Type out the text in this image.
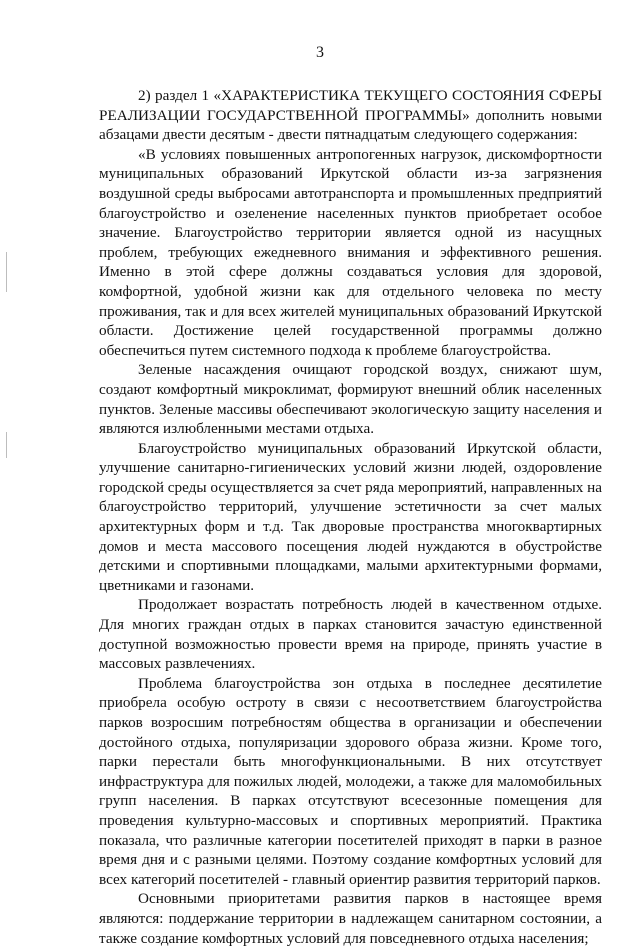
3

2) раздел 1 «ХАРАКТЕРИСТИКА ТЕКУЩЕГО СОСТОЯНИЯ СФЕРЫ РЕАЛИЗАЦИИ ГОСУДАРСТВЕННОЙ ПРОГРАММЫ» дополнить новыми абзацами двести десятым - двести пятнадцатым следующего содержания:

«В условиях повышенных антропогенных нагрузок, дискомфортности муниципальных образований Иркутской области из-за загрязнения воздушной среды выбросами автотранспорта и промышленных предприятий благоустройство и озеленение населенных пунктов приобретает особое значение. Благоустройство территории является одной из насущных проблем, требующих ежедневного внимания и эффективного решения. Именно в этой сфере должны создаваться условия для здоровой, комфортной, удобной жизни как для отдельного человека по месту проживания, так и для всех жителей муниципальных образований Иркутской области. Достижение целей государственной программы должно обеспечиться путем системного подхода к проблеме благоустройства.

Зеленые насаждения очищают городской воздух, снижают шум, создают комфортный микроклимат, формируют внешний облик населенных пунктов. Зеленые массивы обеспечивают экологическую защиту населения и являются излюбленными местами отдыха.

Благоустройство муниципальных образований Иркутской области, улучшение санитарно-гигиенических условий жизни людей, оздоровление городской среды осуществляется за счет ряда мероприятий, направленных на благоустройство территорий, улучшение эстетичности за счет малых архитектурных форм и т.д. Так дворовые пространства многоквартирных домов и места массового посещения людей нуждаются в обустройстве детскими и спортивными площадками, малыми архитектурными формами, цветниками и газонами.

Продолжает возрастать потребность людей в качественном отдыхе. Для многих граждан отдых в парках становится зачастую единственной доступной возможностью провести время на природе, принять участие в массовых развлечениях.

Проблема благоустройства зон отдыха в последнее десятилетие приобрела особую остроту в связи с несоответствием благоустройства парков возросшим потребностям общества в организации и обеспечении достойного отдыха, популяризации здорового образа жизни. Кроме того, парки перестали быть многофункциональными. В них отсутствует инфраструктура для пожилых людей, молодежи, а также для маломобильных групп населения. В парках отсутствуют всесезонные помещения для проведения культурно-массовых и спортивных мероприятий. Практика показала, что различные категории посетителей приходят в парки в разное время дня и с разными целями. Поэтому создание комфортных условий для всех категорий посетителей - главный ориентир развития территорий парков.

Основными приоритетами развития парков в настоящее время являются: поддержание территории в надлежащем санитарном состоянии, а также создание комфортных условий для повседневного отдыха населения;
